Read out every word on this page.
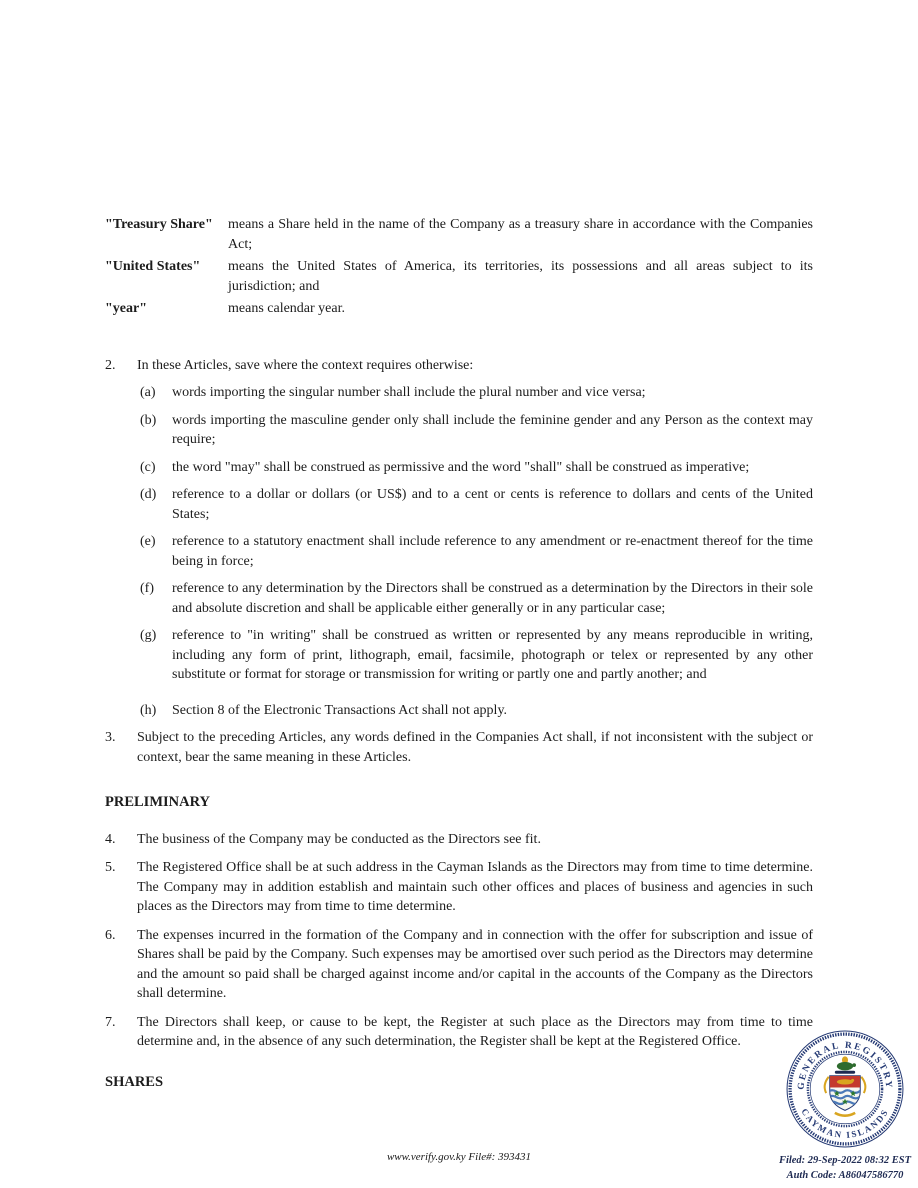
"Treasury Share"	means a Share held in the name of the Company as a treasury share in accordance with the Companies Act;
"United States"	means the United States of America, its territories, its possessions and all areas subject to its jurisdiction; and
"year"	means calendar year.
2.	In these Articles, save where the context requires otherwise:
(a)	words importing the singular number shall include the plural number and vice versa;
(b)	words importing the masculine gender only shall include the feminine gender and any Person as the context may require;
(c)	the word "may" shall be construed as permissive and the word "shall" shall be construed as imperative;
(d)	reference to a dollar or dollars (or US$) and to a cent or cents is reference to dollars and cents of the United States;
(e)	reference to a statutory enactment shall include reference to any amendment or re-enactment thereof for the time being in force;
(f)	reference to any determination by the Directors shall be construed as a determination by the Directors in their sole and absolute discretion and shall be applicable either generally or in any particular case;
(g)	reference to "in writing" shall be construed as written or represented by any means reproducible in writing, including any form of print, lithograph, email, facsimile, photograph or telex or represented by any other substitute or format for storage or transmission for writing or partly one and partly another; and
(h)	Section 8 of the Electronic Transactions Act shall not apply.
3.	Subject to the preceding Articles, any words defined in the Companies Act shall, if not inconsistent with the subject or context, bear the same meaning in these Articles.
PRELIMINARY
4.	The business of the Company may be conducted as the Directors see fit.
5.	The Registered Office shall be at such address in the Cayman Islands as the Directors may from time to time determine. The Company may in addition establish and maintain such other offices and places of business and agencies in such places as the Directors may from time to time determine.
6.	The expenses incurred in the formation of the Company and in connection with the offer for subscription and issue of Shares shall be paid by the Company. Such expenses may be amortised over such period as the Directors may determine and the amount so paid shall be charged against income and/or capital in the accounts of the Company as the Directors shall determine.
7.	The Directors shall keep, or cause to be kept, the Register at such place as the Directors may from time to time determine and, in the absence of any such determination, the Register shall be kept at the Registered Office.
SHARES	GENERAL REGISTRY
CAYMAN ISLANDS
Filed: 29-Sep-2022 08:32 EST
Auth Code: A86047586770
www.verify.gov.ky File#: 393431
